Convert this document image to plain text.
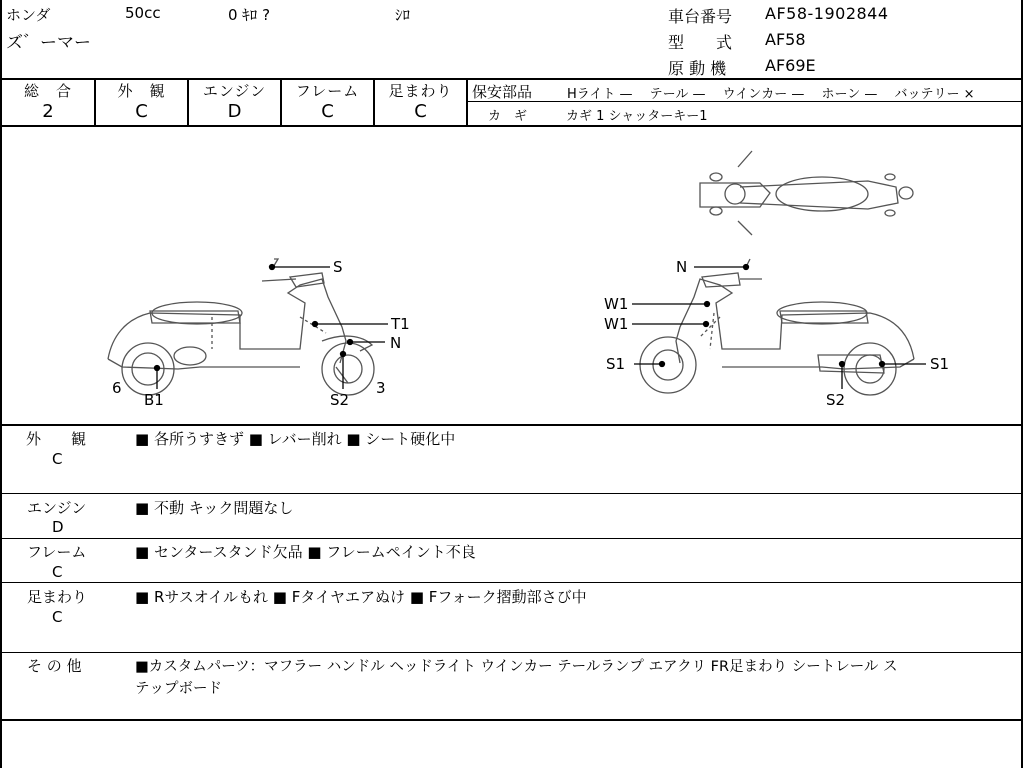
ホンダ	50cc	0 ｷﾛ ?	ｼﾛ
ズ゛ーマー
車台番号 AF58-1902844
型　　式 AF58
原 動 機 AF69E
総　合
2
外　観
C
エンジン
D
フレーム
C
足まわり
C
保安部品	Hライト —　 テール —　 ウインカー —　 ホーン —　 バッテリー ×
カ　ギ	カギ 1 シャッターキー1
S
T1
N
6
B1	S2
3
N
W1
W1
S1	S1
S2
外　　観
C
■ 各所うすきず ■ レバー削れ ■ シート硬化中
エンジン
D
■ 不動 キック問題なし
フレーム
C
■ センタースタンド欠品 ■ フレームペイント不良
足まわり
C
■ Rサスオイルもれ ■ Fタイヤエアぬけ ■ Fフォーク摺動部さび中
そ の 他	■カスタムパーツ：マフラー ハンドル ヘッドライト ウインカー テールランプ エアクリ FR足まわり シートレール ス
テップボード
